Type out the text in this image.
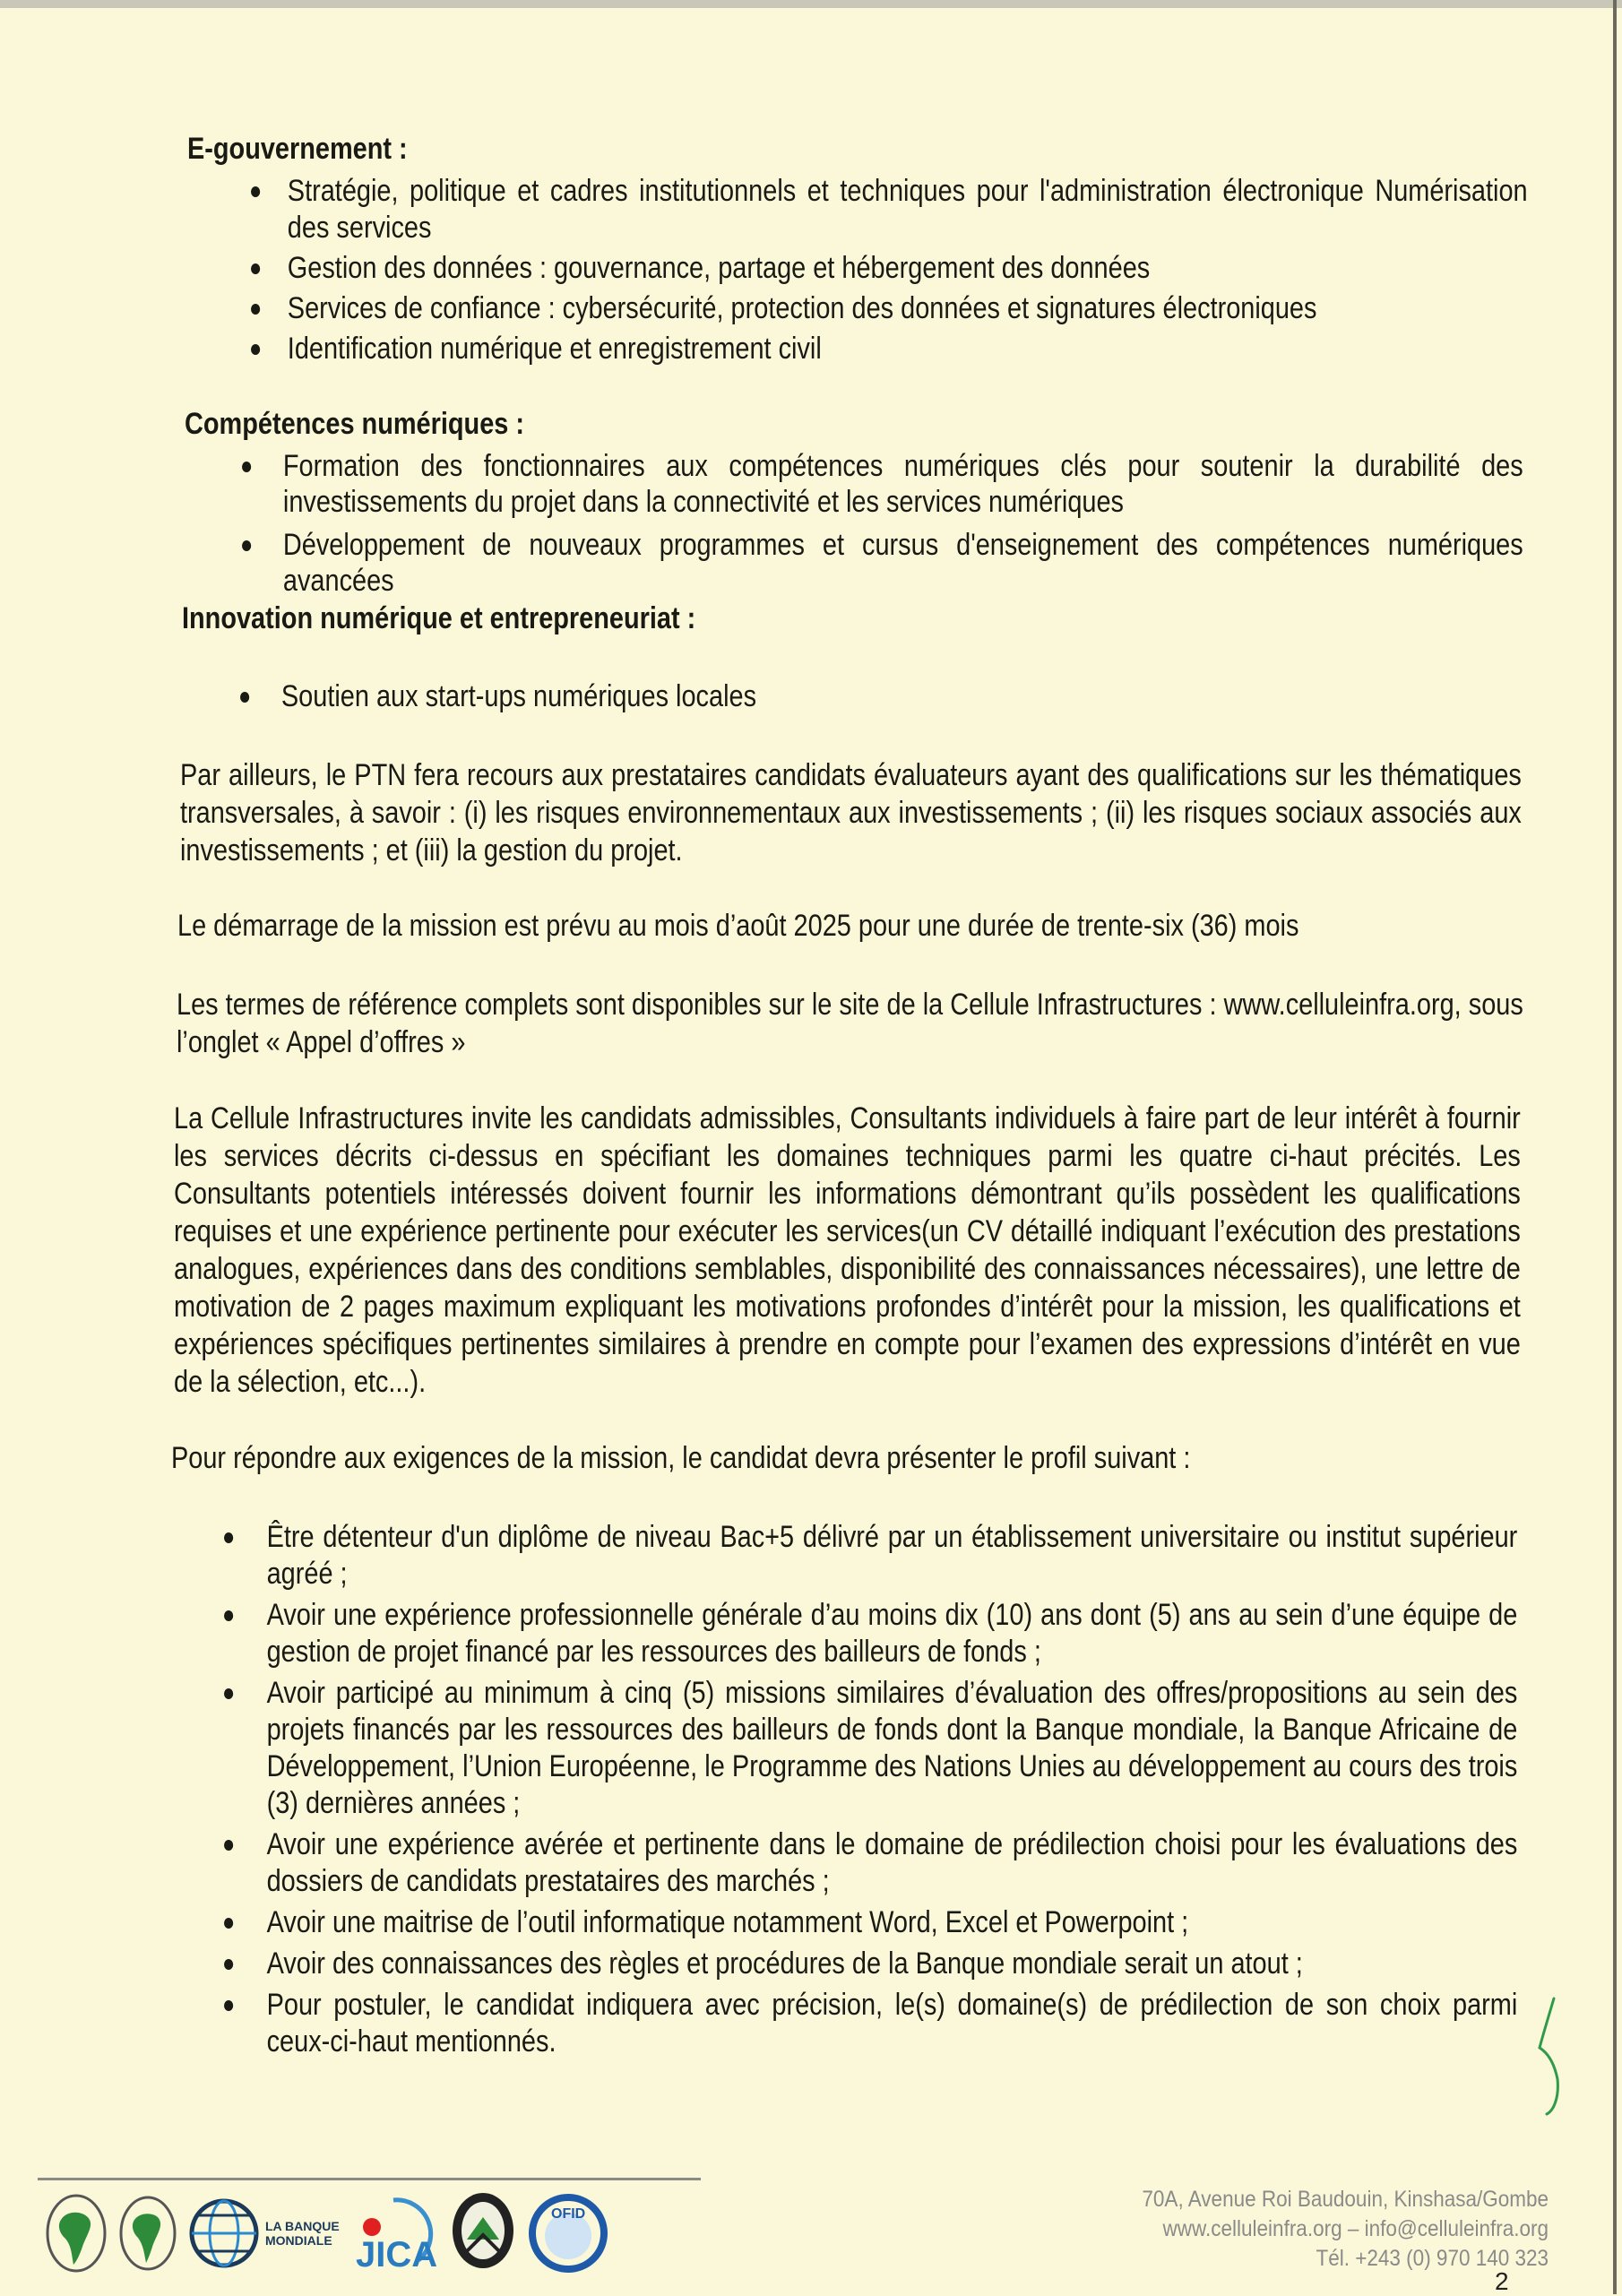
E-gouvernement :
Stratégie, politique et cadres institutionnels et techniques pour l'administration électronique Numérisation des services
Gestion des données : gouvernance, partage et hébergement des données
Services de confiance : cybersécurité, protection des données et signatures électroniques
Identification numérique et enregistrement civil
Compétences numériques :
Formation des fonctionnaires aux compétences numériques clés pour soutenir la durabilité des investissements du projet dans la connectivité et les services numériques
Développement de nouveaux programmes et cursus d'enseignement des compétences numériques avancées
Innovation numérique et entrepreneuriat :
Soutien aux start-ups numériques locales
Par ailleurs, le PTN fera recours aux prestataires candidats évaluateurs ayant des qualifications sur les thématiques transversales, à savoir : (i) les risques environnementaux aux investissements ; (ii) les risques sociaux associés aux investissements ; et (iii) la gestion du projet.
Le démarrage de la mission est prévu au mois d’août 2025 pour une durée de trente-six (36) mois
Les termes de référence complets sont disponibles sur le site de la Cellule Infrastructures : www.celluleinfra.org, sous l’onglet « Appel d’offres »
La Cellule Infrastructures invite les candidats admissibles, Consultants individuels à faire part de leur intérêt à fournir les services décrits ci-dessus en spécifiant les domaines techniques parmi les quatre ci-haut précités. Les Consultants potentiels intéressés doivent fournir les informations démontrant qu’ils possèdent les qualifications requises et une expérience pertinente pour exécuter les services(un CV détaillé indiquant l’exécution des prestations analogues, expériences dans des conditions semblables, disponibilité des connaissances nécessaires), une lettre de motivation de 2 pages maximum expliquant les motivations profondes d’intérêt pour la mission, les qualifications et expériences spécifiques pertinentes similaires à prendre en compte pour l’examen des expressions d’intérêt en vue de la sélection, etc...).
Pour répondre aux exigences de la mission, le candidat devra présenter le profil suivant :
Être détenteur d'un diplôme de niveau Bac+5 délivré par un établissement universitaire ou institut supérieur agréé ;
Avoir une expérience professionnelle générale d’au moins dix (10) ans dont (5) ans au sein d’une équipe de gestion de projet financé par les ressources des bailleurs de fonds ;
Avoir participé au minimum à cinq (5) missions similaires d’évaluation des offres/propositions au sein des projets financés par les ressources des bailleurs de fonds dont la Banque mondiale, la Banque Africaine de Développement, l’Union Européenne, le Programme des Nations Unies au développement au cours des trois (3) dernières années ;
Avoir une expérience avérée et pertinente dans le domaine de prédilection choisi pour les évaluations des dossiers de candidats prestataires des marchés ;
Avoir une maitrise de l’outil informatique notamment Word, Excel et Powerpoint ;
Avoir des connaissances des règles et procédures de la Banque mondiale serait un atout ;
Pour postuler, le candidat indiquera avec précision, le(s) domaine(s) de prédilection de son choix parmi ceux-ci-haut mentionnés.
LA BANQUE
MONDIALE JICA
OFID
70A, Avenue Roi Baudouin, Kinshasa/Gombe
www.celluleinfra.org – info@celluleinfra.org
Tél. +243 (0) 970 140 323
2
